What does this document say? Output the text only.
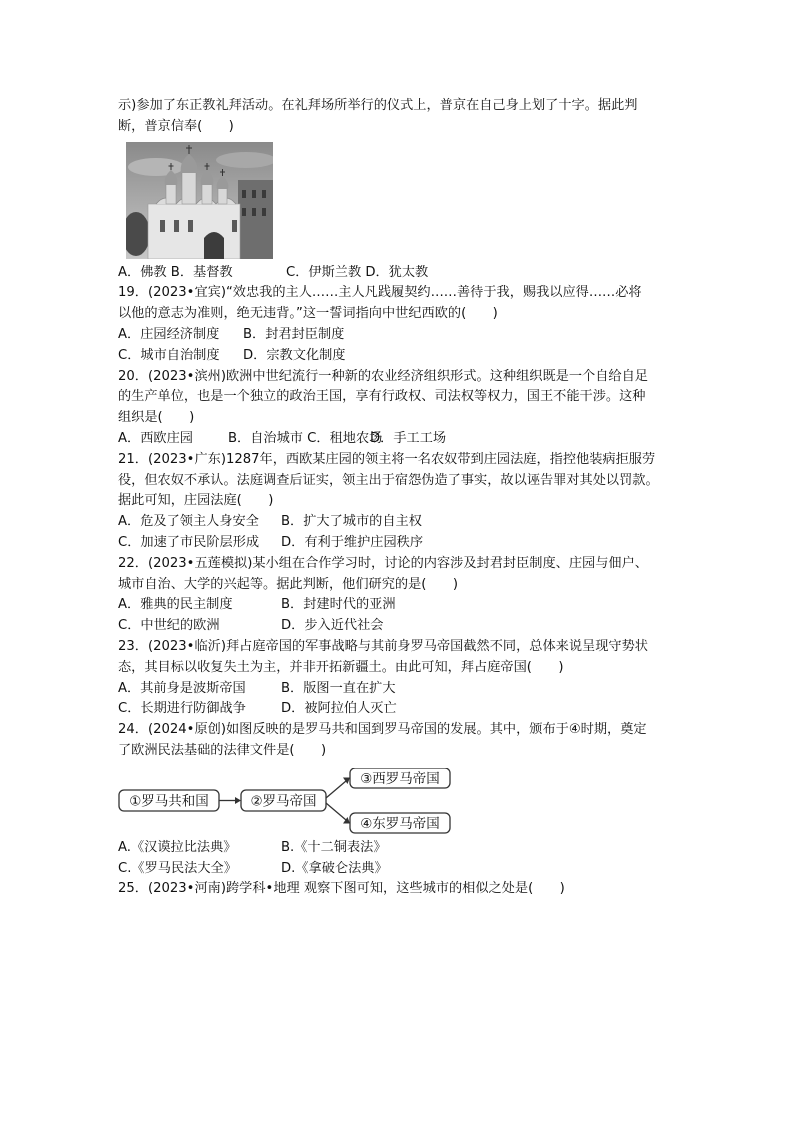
示)参加了东正教礼拜活动。在礼拜场所举行的仪式上，普京在自己身上划了十字。据此判
断，普京信奉(　　)
A．佛教 B．基督教	C．伊斯兰教 D．犹太教
19．(2023•宜宾)“效忠我的主人……主人凡践履契约……善待于我，赐我以应得……必将
以他的意志为准则，绝无违背。”这一誓词指向中世纪西欧的(　　)
A．庄园经济制度 B．封君封臣制度
C．城市自治制度 D．宗教文化制度
20．(2023•滨州)欧洲中世纪流行一种新的农业经济组织形式。这种组织既是一个自给自足
的生产单位，也是一个独立的政治王国，享有行政权、司法权等权力，国王不能干涉。这种
组织是(　　)
A．西欧庄园	B．自治城市 C．租地农场D．手工工场
21．(2023•广东)1287年，西欧某庄园的领主将一名农奴带到庄园法庭，指控他装病拒服劳
役，但农奴不承认。法庭调查后证实，领主出于宿怨伪造了事实，故以诬告罪对其处以罚款。
据此可知，庄园法庭(　　)
A．危及了领主人身安全 B．扩大了城市的自主权
C．加速了市民阶层形成 D．有利于维护庄园秩序
22．(2023•五莲模拟)某小组在合作学习时，讨论的内容涉及封君封臣制度、庄园与佃户、
城市自治、大学的兴起等。据此判断，他们研究的是(　　)
A．雅典的民主制度	B．封建时代的亚洲
C．中世纪的欧洲	D．步入近代社会
23．(2023•临沂)拜占庭帝国的军事战略与其前身罗马帝国截然不同，总体来说呈现守势状
态，其目标以收复失土为主，并非开拓新疆土。由此可知，拜占庭帝国(　　)
A．其前身是波斯帝国	B．版图一直在扩大
C．长期进行防御战争	D．被阿拉伯人灭亡
24．(2024•原创)如图反映的是罗马共和国到罗马帝国的发展。其中，颁布于④时期，奠定
了欧洲民法基础的法律文件是(　　)
①罗马共和国	②罗马帝国
③西罗马帝国
④东罗马帝国
A.《汉谟拉比法典》	B.《十二铜表法》
C.《罗马民法大全》	D.《拿破仑法典》
25．(2023•河南)跨学科•地理 观察下图可知，这些城市的相似之处是(　　)
